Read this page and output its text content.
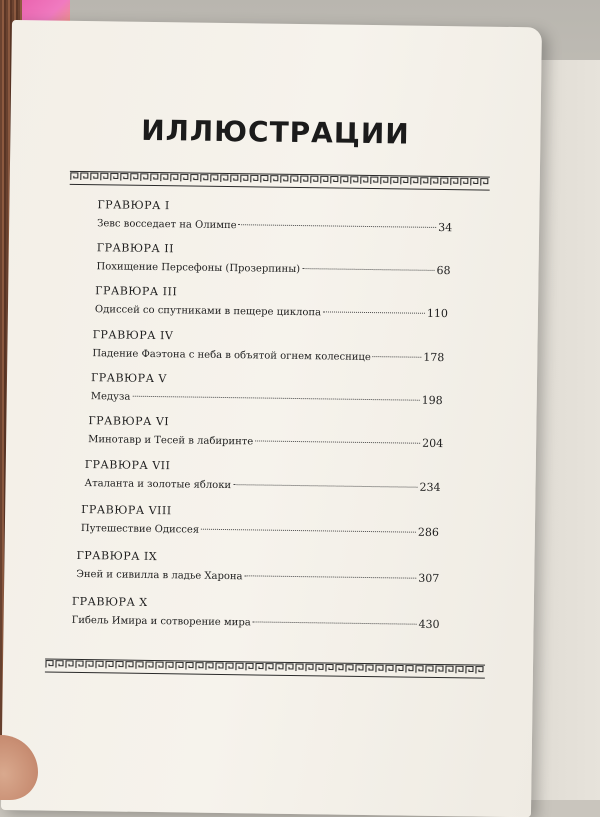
ИЛЛЮСТРАЦИИ
ГРАВЮРА I
Зевс восседает на Олимпе	34
ГРАВЮРА II
Похищение Персефоны (Прозерпины)	68
ГРАВЮРА III
Одиссей со спутниками в пещере циклопа	110
ГРАВЮРА IV
Падение Фаэтона с неба в объятой огнем колеснице	178
ГРАВЮРА V
Медуза	198
ГРАВЮРА VI
Минотавр и Тесей в лабиринте	204
ГРАВЮРА VII
Аталанта и золотые яблоки	234
ГРАВЮРА VIII
Путешествие Одиссея	286
ГРАВЮРА IX
Эней и сивилла в ладье Харона	307
ГРАВЮРА X
Гибель Имира и сотворение мира	430
